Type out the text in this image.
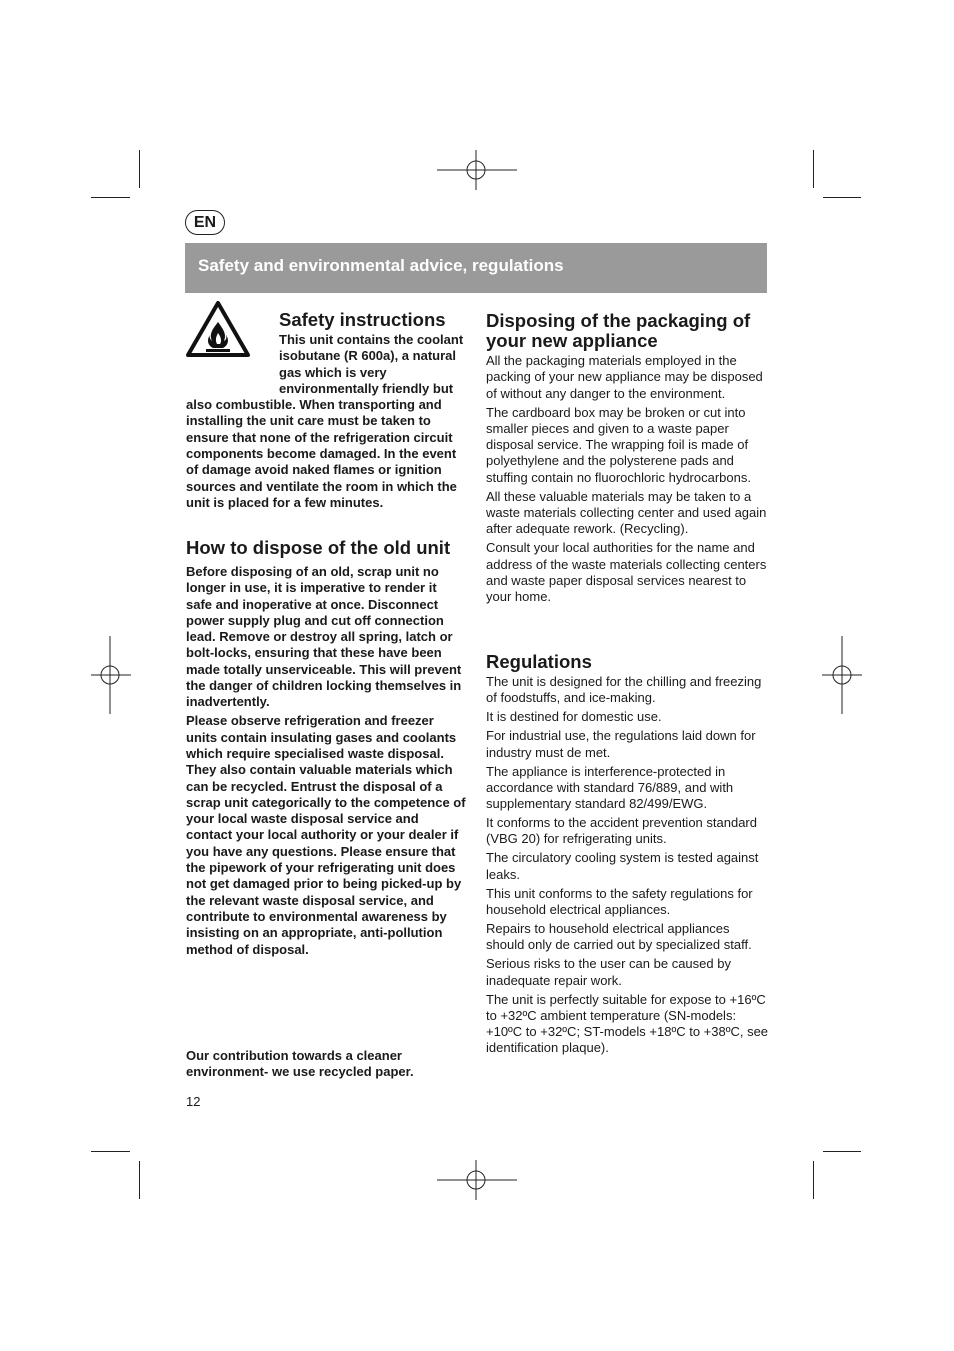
EN
Safety and environmental advice, regulations
Safety instructions

This unit contains the coolant isobutane (R 600a), a natural gas which is very environmentally friendly but also combustible. When transporting and installing the unit care must be taken to ensure that none of the refrigeration circuit components become damaged. In the event of damage avoid naked flames or ignition sources and ventilate the room in which the unit is placed for a few minutes.

How to dispose of the old unit

Before disposing of an old, scrap unit no longer in use, it is imperative to render it safe and inoperative at once. Disconnect power supply plug and cut off connection lead. Remove or destroy all spring, latch or bolt-locks, ensuring that these have been made totally unserviceable. This will prevent the danger of children locking themselves in inadvertently.

Please observe refrigeration and freezer units contain insulating gases and coolants which require specialised waste disposal. They also contain valuable materials which can be recycled. Entrust the disposal of a scrap unit categorically to the competence of your local waste disposal service and contact your local authority or your dealer if you have any questions. Please ensure that the pipework of your refrigerating unit does not get damaged prior to being picked-up by the relevant waste disposal service, and contribute to environmental awareness by insisting on an appropriate, anti-pollution method of disposal.

Our contribution towards a cleaner environment- we use recycled paper.

12
Disposing of the packaging of your new appliance

All the packaging materials employed in the packing of your new appliance may be disposed of without any danger to the environment.

The cardboard box may be broken or cut into smaller pieces and given to a waste paper disposal service. The wrapping foil is made of polyethylene and the polysterene pads and stuffing contain no fluorochloric hydrocarbons.

All these valuable materials may be taken to a waste materials collecting center and used again after adequate rework. (Recycling).

Consult your local authorities for the name and address of the waste materials collecting centers and waste paper disposal services nearest to your home.

Regulations

The unit is designed for the chilling and freezing of foodstuffs, and ice-making.

It is destined for domestic use.

For industrial use, the regulations laid down for industry must de met.

The appliance is interference-protected in accordance with standard 76/889, and with supplementary standard 82/499/EWG.

It conforms to the accident prevention standard (VBG 20) for refrigerating units.

The circulatory cooling system is tested against leaks.

This unit conforms to the safety regulations for household electrical appliances.

Repairs to household electrical appliances should only de carried out by specialized staff.

Serious risks to the user can be caused by inadequate repair work.

The unit is perfectly suitable for expose to +16ºC to +32ºC ambient temperature (SN-models: +10ºC to +32ºC; ST-models +18ºC to +38ºC, see identification plaque).
